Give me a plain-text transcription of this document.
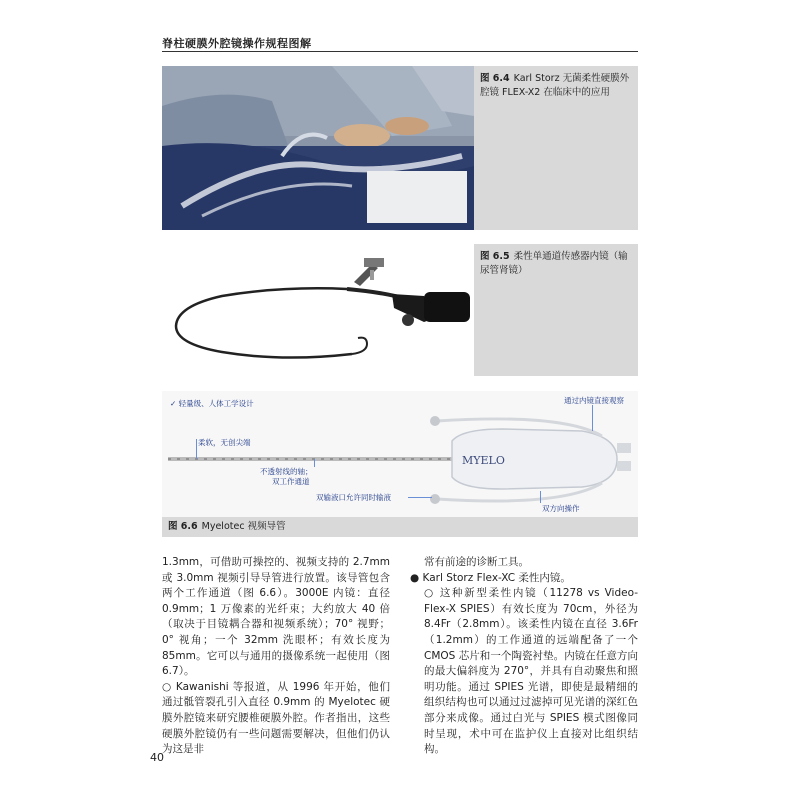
脊柱硬膜外腔镜操作规程图解
图 6.4 Karl Storz 无菌柔性硬膜外腔镜 FLEX-X2 在临床中的应用
图 6.5 柔性单通道传感器内镜（输尿管肾镜）
MYELO
✓ 轻量级、人体工学设计
柔软，无创尖端
不透射线的轴；
双工作通道
双输液口允许同时输液
通过内镜直接观察
双方向操作
图 6.6 Myelotec 视频导管

1.3mm，可借助可操控的、视频支持的 2.7mm 或 3.0mm 视频引导导管进行放置。该导管包含两个工作通道（图 6.6）。3000E 内镜：直径 0.9mm；1 万像素的光纤束；大约放大 40 倍（取决于目镜耦合器和视频系统）；70° 视野；0° 视角；一个 32mm 洗眼杯；有效长度为 85mm。它可以与通用的摄像系统一起使用（图 6.7）。

○ Kawanishi 等报道，从 1996 年开始，他们通过骶管裂孔引入直径 0.9mm 的 Myelotec 硬膜外腔镜来研究腰椎硬膜外腔。作者指出，这些硬膜外腔镜仍有一些问题需要解决，但他们仍认为这是非

常有前途的诊断工具。

● Karl Storz Flex-XC 柔性内镜。

○ 这种新型柔性内镜（11278 vs Video-Flex-X SPIES）有效长度为 70cm，外径为 8.4Fr（2.8mm）。该柔性内镜在直径 3.6Fr（1.2mm）的工作通道的远端配备了一个 CMOS 芯片和一个陶瓷衬垫。内镜在任意方向的最大偏斜度为 270°，并具有自动聚焦和照明功能。通过 SPIES 光谱，即使是最精细的组织结构也可以通过过滤掉可见光谱的深红色部分来成像。通过白光与 SPIES 模式图像同时呈现，术中可在监护仪上直接对比组织结构。

40
